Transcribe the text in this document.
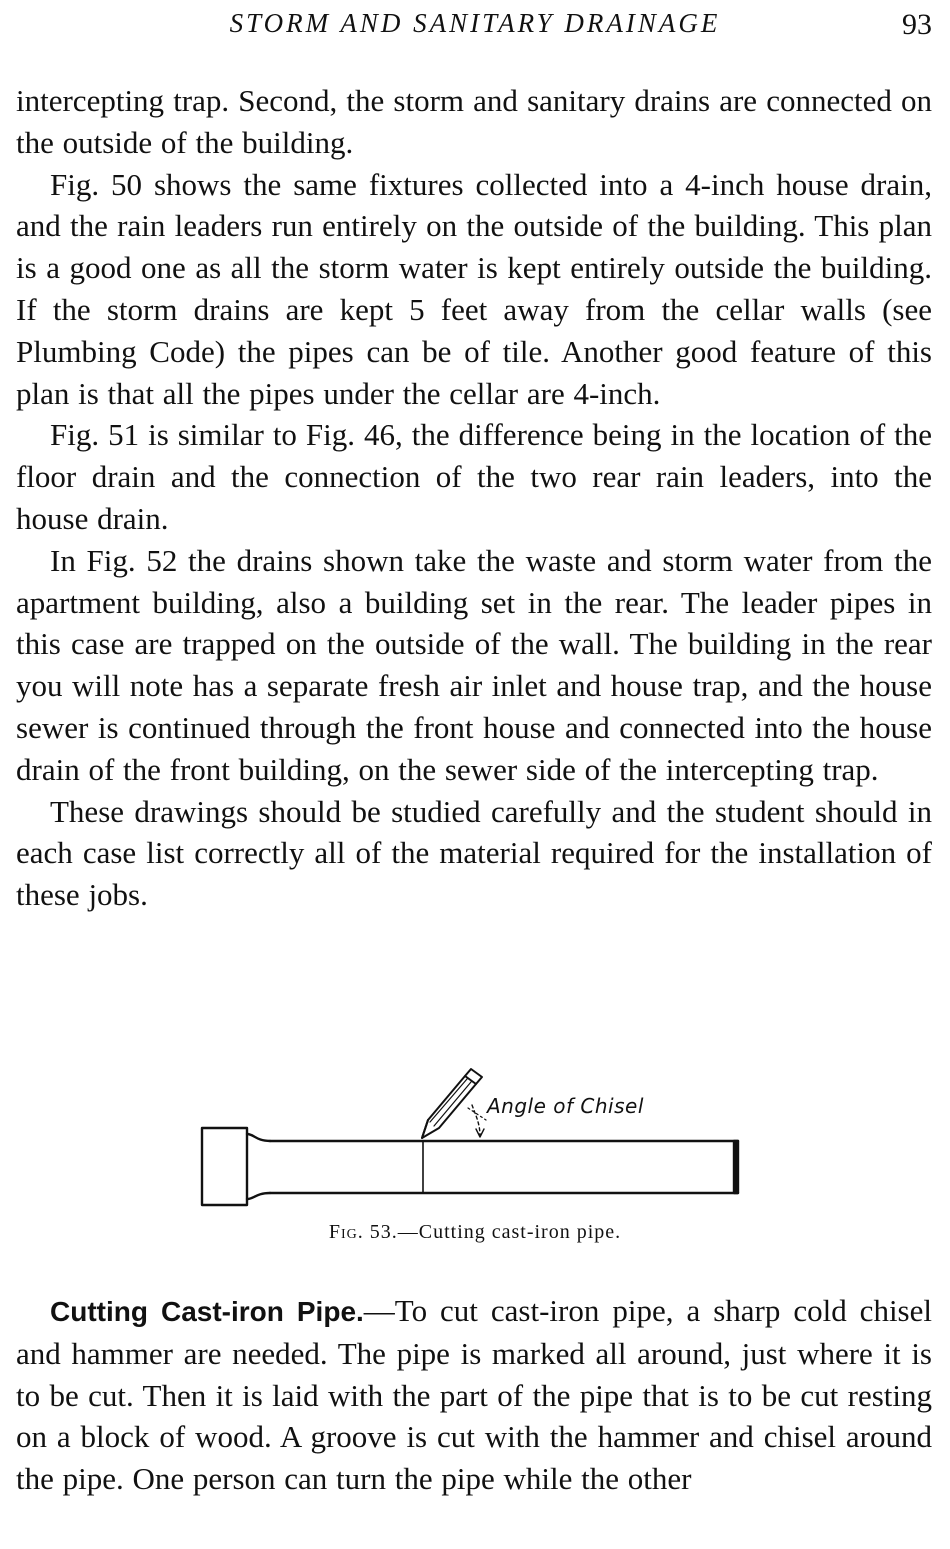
STORM AND SANITARY DRAINAGE	93

intercepting trap. Second, the storm and sanitary drains are connected on the outside of the building.

Fig. 50 shows the same fixtures collected into a 4-inch house drain, and the rain leaders run entirely on the outside of the building. This plan is a good one as all the storm water is kept entirely outside the building. If the storm drains are kept 5 feet away from the cellar walls (see Plumbing Code) the pipes can be of tile. Another good feature of this plan is that all the pipes under the cellar are 4-inch.

Fig. 51 is similar to Fig. 46, the difference being in the location of the floor drain and the connection of the two rear rain leaders, into the house drain.

In Fig. 52 the drains shown take the waste and storm water from the apartment building, also a building set in the rear. The leader pipes in this case are trapped on the outside of the wall. The building in the rear you will note has a separate fresh air inlet and house trap, and the house sewer is continued through the front house and connected into the house drain of the front building, on the sewer side of the intercepting trap.

These drawings should be studied carefully and the student should in each case list correctly all of the material required for the installation of these jobs.

Angle of Chisel
Fig. 53.—Cutting cast-iron pipe.

Cutting Cast-iron Pipe.—To cut cast-iron pipe, a sharp cold chisel and hammer are needed. The pipe is marked all around, just where it is to be cut. Then it is laid with the part of the pipe that is to be cut resting on a block of wood. A groove is cut with the hammer and chisel around the pipe. One person can turn the pipe while the other
